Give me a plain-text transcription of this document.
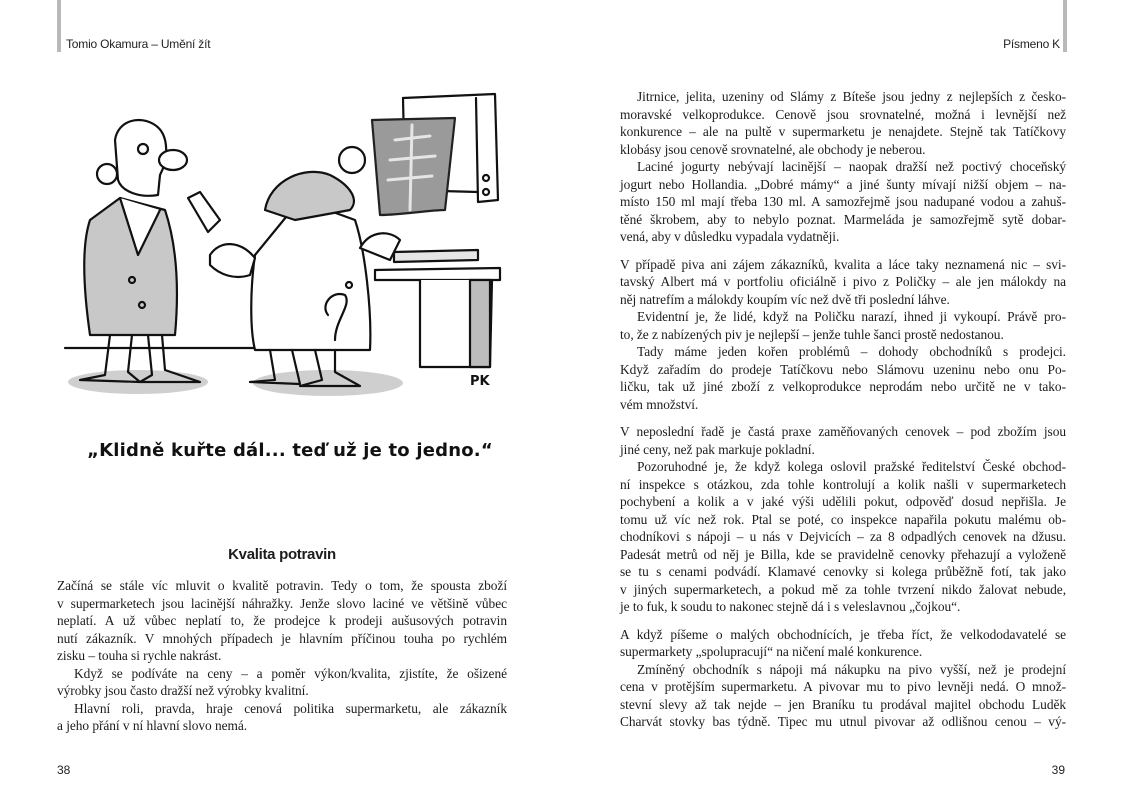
Tomio Okamura – Umění žít	Písmeno K
PK
„Klidně kuřte dál... teď už je to jedno.“
Kvalita potravin
Začíná se stále víc mluvit o kvalitě potravin. Tedy o tom, že spousta zboží
v supermarketech jsou lacinější náhražky. Jenže slovo laciné ve většině vůbec
neplatí. A už vůbec neplatí to, že prodejce k prodeji aušusových potravin
nutí zákazník. V mnohých případech je hlavním příčinou touha po rychlém
zisku – touha si rychle nakrást.
Když se podíváte na ceny – a poměr výkon/kvalita, zjistíte, že ošizené
výrobky jsou často dražší než výrobky kvalitní.
Hlavní roli, pravda, hraje cenová politika supermarketu, ale zákazník
a jeho přání v ní hlavní slovo nemá.
Jitrnice, jelita, uzeniny od Slámy z Bíteše jsou jedny z nejlepších z česko-
moravské velkoprodukce. Cenově jsou srovnatelné, možná i levnější než
konkurence – ale na pultě v supermarketu je nenajdete. Stejně tak Tatíčkovy
klobásy jsou cenově srovnatelné, ale obchody je neberou.
Laciné jogurty nebývají lacinější – naopak dražší než poctivý choceňský
jogurt nebo Hollandia. „Dobré mámy“ a jiné šunty mívají nižší objem – na-
místo 150 ml mají třeba 130 ml. A samozřejmě jsou nadupané vodou a zahuš-
těné škrobem, aby to nebylo poznat. Marmeláda je samozřejmě sytě dobar-
vená, aby v důsledku vypadala vydatněji.
V případě piva ani zájem zákazníků, kvalita a láce taky neznamená nic – svi-
tavský Albert má v portfoliu oficiálně i pivo z Poličky – ale jen málokdy na
něj natrefím a málokdy koupím víc než dvě tři poslední láhve.
Evidentní je, že lidé, když na Poličku narazí, ihned ji vykoupí. Právě pro-
to, že z nabízených piv je nejlepší – jenže tuhle šanci prostě nedostanou.
Tady máme jeden kořen problémů – dohody obchodníků s prodejci.
Když zařadím do prodeje Tatíčkovu nebo Slámovu uzeninu nebo onu Po-
ličku, tak už jiné zboží z velkoprodukce neprodám nebo určitě ne v tako-
vém množství.
V neposlední řadě je častá praxe zaměňovaných cenovek – pod zbožím jsou
jiné ceny, než pak markuje pokladní.
Pozoruhodné je, že když kolega oslovil pražské ředitelství České obchod-
ní inspekce s otázkou, zda tohle kontrolují a kolik našli v supermarketech
pochybení a kolik a v jaké výši udělili pokut, odpověď dosud nepřišla. Je
tomu už víc než rok. Ptal se poté, co inspekce napařila pokutu malému ob-
chodníkovi s nápoji – u nás v Dejvicích – za 8 odpadlých cenovek na džusu.
Padesát metrů od něj je Billa, kde se pravidelně cenovky přehazují a vyloženě
se tu s cenami podvádí. Klamavé cenovky si kolega průběžně fotí, tak jako
v jiných supermarketech, a pokud mě za tohle tvrzení nikdo žalovat nebude,
je to fuk, k soudu to nakonec stejně dá i s veleslavnou „čojkou“.
A když píšeme o malých obchodnících, je třeba říct, že velkododavatelé se
supermarkety „spolupracují“ na ničení malé konkurence.
Zmíněný obchodník s nápoji má nákupku na pivo vyšší, než je prodejní
cena v protějším supermarketu. A pivovar mu to pivo levněji nedá. O množ-
stevní slevy až tak nejde – jen Braníku tu prodával majitel obchodu Luděk
Charvát stovky bas týdně. Tipec mu utnul pivovar až odlišnou cenou – vý-
38	39
